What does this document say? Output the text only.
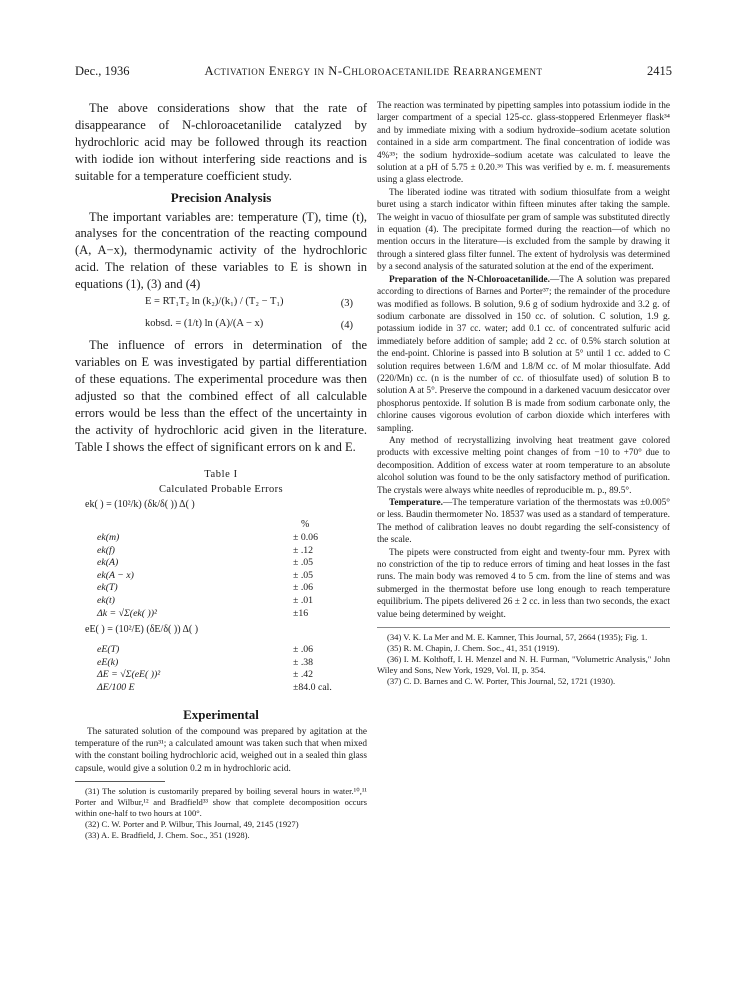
Dec., 1936	Activation Energy in N-Chloroacetanilide Rearrangement	2415

The above considerations show that the rate of disappearance of N-chloroacetanilide catalyzed by hydrochloric acid may be followed through its reaction with iodide ion without interfering side reactions and is suitable for a temperature coefficient study.

Precision Analysis

The important variables are: temperature (T), time (t), analyses for the concentration of the reacting compound (A, A−x), thermodynamic activity of the hydrochloric acid. The relation of these variables to E is shown in equations (1), (3) and (4)

E = RT₁T₂ ln (k₂)/(k₁) / (T₂ − T₁)	(3)
kobsd. = (1/t) ln (A)/(A − x)	(4)

The influence of errors in determination of the variables on E was investigated by partial differentiation of these equations. The experimental procedure was then adjusted so that the combined effect of all calculable errors would be less than the effect of the uncertainty in the activity of hydrochloric acid given in the literature. Table I shows the effect of significant errors on k and E.

Table I
Calculated Probable Errors
ek( ) = (10²/k) (δk/δ( )) Δ( )
%
ek(m)	± 0.06
ek(f)	± .12
ek(A)	± .05
ek(A − x)	± .05
ek(T)	± .06
ek(t)	± .01
Δk = √Σ(ek( ))²	±16
eE( ) = (10²/E) (δE/δ( )) Δ( )
eE(T)	± .06
eE(k)	± .38
ΔE = √Σ(eE( ))²	± .42
ΔE/100 E	±84.0 cal.
Experimental

The saturated solution of the compound was prepared by agitation at the temperature of the run³¹; a calculated amount was taken such that when mixed with the constant boiling hydrochloric acid, weighed out in a sealed thin glass capsule, would give a solution 0.2 m in hydrochloric acid.

(31) The solution is customarily prepared by boiling several hours in water.¹⁰,¹¹ Porter and Wilbur,¹² and Bradfield³³ show that complete decomposition occurs within one-half to two hours at 100°.

(32) C. W. Porter and P. Wilbur, This Journal, 49, 2145 (1927)

(33) A. E. Bradfield, J. Chem. Soc., 351 (1928).

The reaction was terminated by pipetting samples into potassium iodide in the larger compartment of a special 125-cc. glass-stoppered Erlenmeyer flask³⁴ and by immediate mixing with a sodium hydroxide–sodium acetate solution contained in a side arm compartment. The final concentration of iodide was 4%³⁵; the sodium hydroxide–sodium acetate was calculated to leave the solution at a pH of 5.75 ± 0.20.³⁶ This was verified by e. m. f. measurements using a glass electrode.

The liberated iodine was titrated with sodium thiosulfate from a weight buret using a starch indicator within fifteen minutes after taking the sample. The weight in vacuo of thiosulfate per gram of sample was substituted directly in equation (4). The precipitate formed during the reaction—of which no mention occurs in the literature—is excluded from the sample by drawing it through a sintered glass filter funnel. The extent of hydrolysis was determined by a second analysis of the saturated solution at the end of the experiment.

Preparation of the N-Chloroacetanilide.—The A solution was prepared according to directions of Barnes and Porter³⁷; the remainder of the procedure was modified as follows. B solution, 9.6 g of sodium hydroxide and 3.2 g. of sodium carbonate are dissolved in 150 cc. of solution. C solution, 1.9 g. potassium iodide in 37 cc. water; add 0.1 cc. of concentrated sulfuric acid immediately before addition of sample; add 2 cc. of 0.5% starch solution at the end-point. Chlorine is passed into B solution at 5° until 1 cc. added to C solution requires between 1.6/M and 1.8/M cc. of M molar thiosulfate. Add (220/Mn) cc. (n is the number of cc. of thiosulfate used) of solution B to solution A at 5°. Preserve the compound in a darkened vacuum desiccator over phosphorus pentoxide. If solution B is made from sodium carbonate only, the chlorine causes vigorous evolution of carbon dioxide which interferes with sampling.

Any method of recrystallizing involving heat treatment gave colored products with excessive melting point changes of from −10 to +70° due to decomposition. Addition of excess water at room temperature to an absolute alcohol solution was found to be the only satisfactory method of purification. The crystals were always white needles of reproducible m. p., 89.5°.

Temperature.—The temperature variation of the thermostats was ±0.005° or less. Baudin thermometer No. 18537 was used as a standard of temperature. The method of calibration leaves no doubt regarding the self-consistency of the scale.

The pipets were constructed from eight and twenty-four mm. Pyrex with no constriction of the tip to reduce errors of timing and heat losses in the fast runs. The main body was removed 4 to 5 cm. from the line of stems and was submerged in the thermostat before use long enough to reach temperature equilibrium. The pipets delivered 26 ± 2 cc. in less than two seconds, the exact value being determined by weight.

(34) V. K. La Mer and M. E. Kamner, This Journal, 57, 2664 (1935); Fig. 1.

(35) R. M. Chapin, J. Chem. Soc., 41, 351 (1919).

(36) I. M. Kolthoff, I. H. Menzel and N. H. Furman, "Volumetric Analysis," John Wiley and Sons, New York, 1929, Vol. II, p. 354.

(37) C. D. Barnes and C. W. Porter, This Journal, 52, 1721 (1930).
